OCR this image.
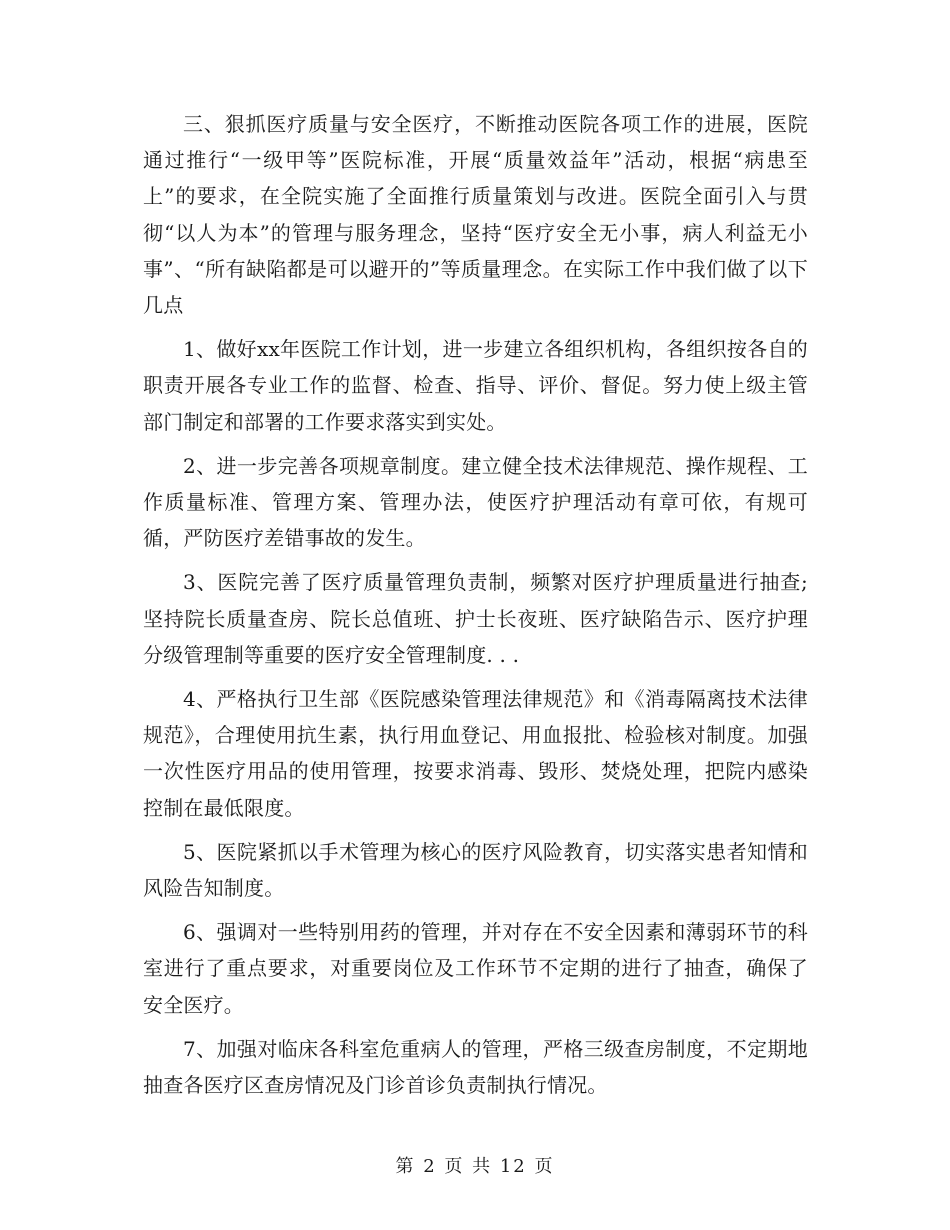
三、狠抓医疗质量与安全医疗，不断推动医院各项工作的进展，医院通过推行“一级甲等”医院标准，开展“质量效益年”活动，根据“病患至上”的要求，在全院实施了全面推行质量策划与改进。医院全面引入与贯彻“以人为本”的管理与服务理念，坚持“医疗安全无小事，病人利益无小事”、“所有缺陷都是可以避开的”等质量理念。在实际工作中我们做了以下几点

1、做好xx年医院工作计划，进一步建立各组织机构，各组织按各自的职责开展各专业工作的监督、检查、指导、评价、督促。努力使上级主管部门制定和部署的工作要求落实到实处。

2、进一步完善各项规章制度。建立健全技术法律规范、操作规程、工作质量标准、管理方案、管理办法，使医疗护理活动有章可依，有规可循，严防医疗差错事故的发生。

3、医院完善了医疗质量管理负责制，频繁对医疗护理质量进行抽查;坚持院长质量查房、院长总值班、护士长夜班、医疗缺陷告示、医疗护理分级管理制等重要的医疗安全管理制度. . .

4、严格执行卫生部《医院感染管理法律规范》和《消毒隔离技术法律规范》，合理使用抗生素，执行用血登记、用血报批、检验核对制度。加强一次性医疗用品的使用管理，按要求消毒、毁形、焚烧处理，把院内感染控制在最低限度。

5、医院紧抓以手术管理为核心的医疗风险教育，切实落实患者知情和风险告知制度。

6、强调对一些特别用药的管理，并对存在不安全因素和薄弱环节的科室进行了重点要求，对重要岗位及工作环节不定期的进行了抽查，确保了安全医疗。

7、加强对临床各科室危重病人的管理，严格三级查房制度，不定期地抽查各医疗区查房情况及门诊首诊负责制执行情况。

第 2 页 共 12 页
